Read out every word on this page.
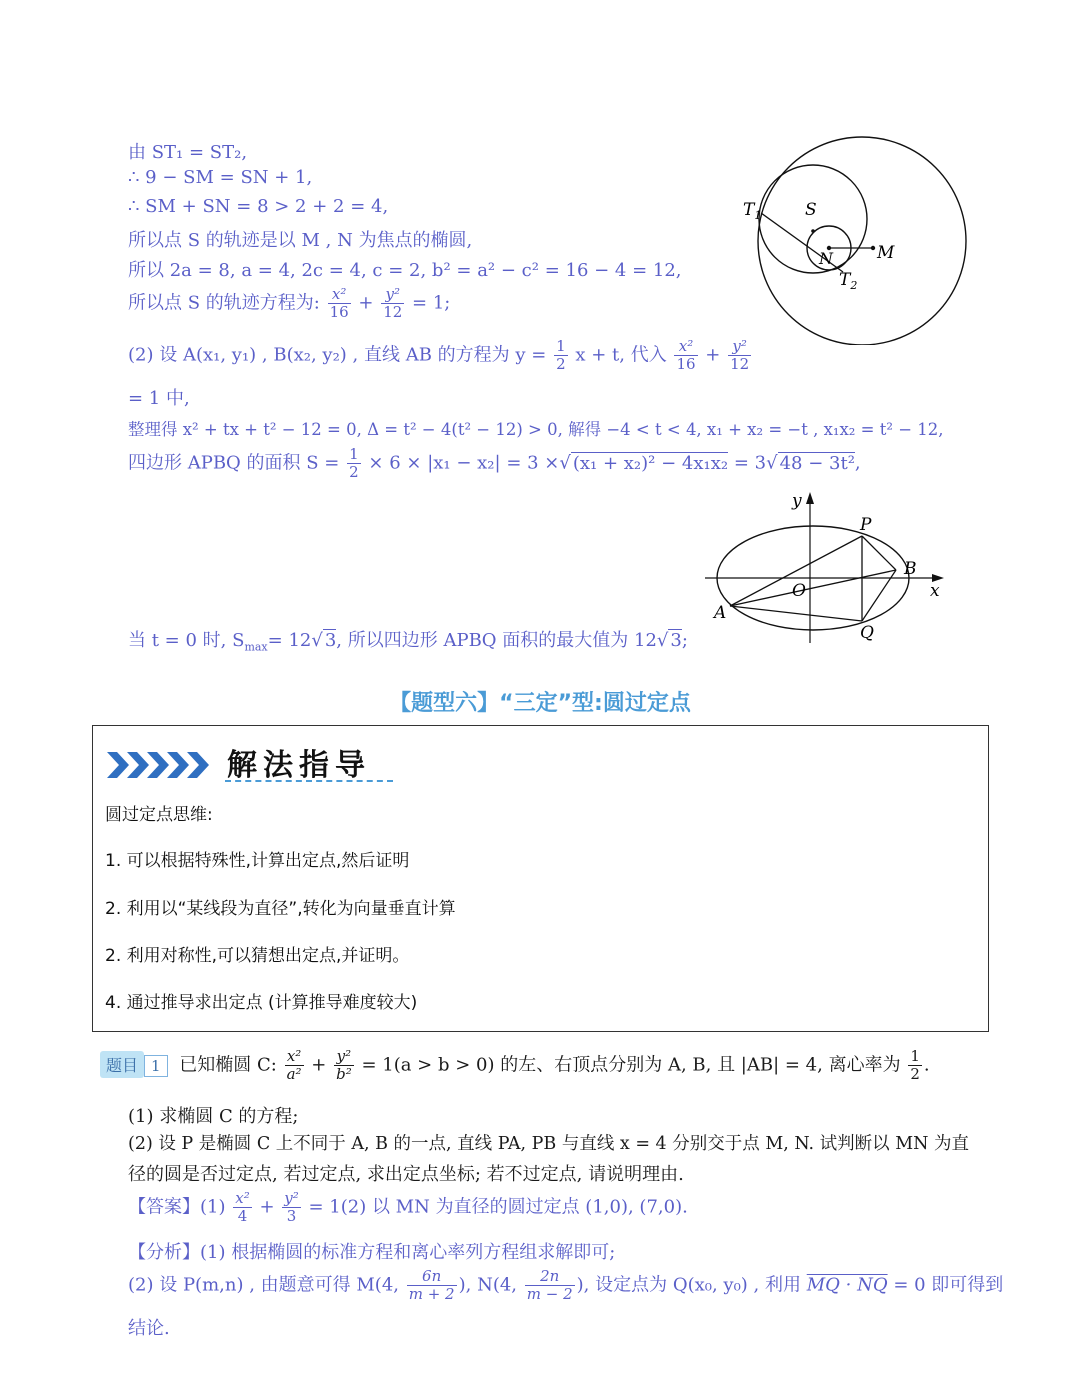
由 ST₁ = ST₂,
∴ 9 − SM = SN + 1,
∴ SM + SN = 8 > 2 + 2 = 4,
所以点 S 的轨迹是以 M , N 为焦点的椭圆,
所以 2a = 8, a = 4, 2c = 4, c = 2, b² = a² − c² = 16 − 4 = 12,
所以点 S 的轨迹方程为: $\frac{\text{x²}}{16} + \frac{\text{y²}}{12} = 1$;
(2) 设 A(x₁, y₁) , B(x₂, y₂) , 直线 AB 的方程为 $y = \frac{1}{2}$ x + t, 代入 $\frac{\text{x²}}{16} + \frac{\text{y²}}{12}$
= 1 中,
整理得 x² + tx + t² − 12 = 0, Δ = t² − 4(t² − 12) > 0, 解得 −4 < t < 4, x₁ + x₂ = −t , x₁x₂ = t² − 12,
四边形 APBQ 的面积 $S = \frac{1}{2} \times 6 \times |x_1 - x_2| = 3$ ×√ (x₁ + x₂)² − 4x₁x₂ = 3√ 48 − 3t²,
当 t = 0 时, $S_{max}= 12√$ 3, 所以四边形 APBQ 面积的最大值为 12√ 3;
$T_1$	S
M
N
$T_2$
y
P
B
O	x
A
Q
【题型六】“三定”型:圆过定点
解法指导
圆过定点思维:
1. 可以根据特殊性,计算出定点,然后证明
2. 利用以“某线段为直径”,转化为向量垂直计算
2. 利用对称性,可以猜想出定点,并证明。
4. 通过推导求出定点 (计算推导难度较大)
题目 1 已知椭圆 C: $\frac{\text{x²}}{\text{a²}} + \frac{\text{y²}}{\text{b²}} = 1(a > b > 0)$ 的左、右顶点分别为 A, B, 且 |AB| = 4, 离心率为 $\frac{1}{2}$ .
(1) 求椭圆 C 的方程;
(2) 设 P 是椭圆 C 上不同于 A, B 的一点, 直线 PA, PB 与直线 x = 4 分别交于点 M, N. 试判断以 MN 为直
径的圆是否过定点, 若过定点, 求出定点坐标; 若不过定点, 请说明理由.
【答案】$(1) \frac{\text{x²}}{4} + \frac{\text{y²}}{3} = 1(2)$ 以 MN 为直径的圆过定点 (1,0), (7,0).
【分析】(1) 根据椭圆的标准方程和离心率列方程组求解即可;
(2) 设 P(m,n) , 由题意可得 M(4, $\frac{6n}{m + 2}$ ), N(4, $\frac{2n}{m - 2}$ ), 设定点为 Q(x₀, y₀) , 利用 MQ · NQ = 0 即可得到
结论.
